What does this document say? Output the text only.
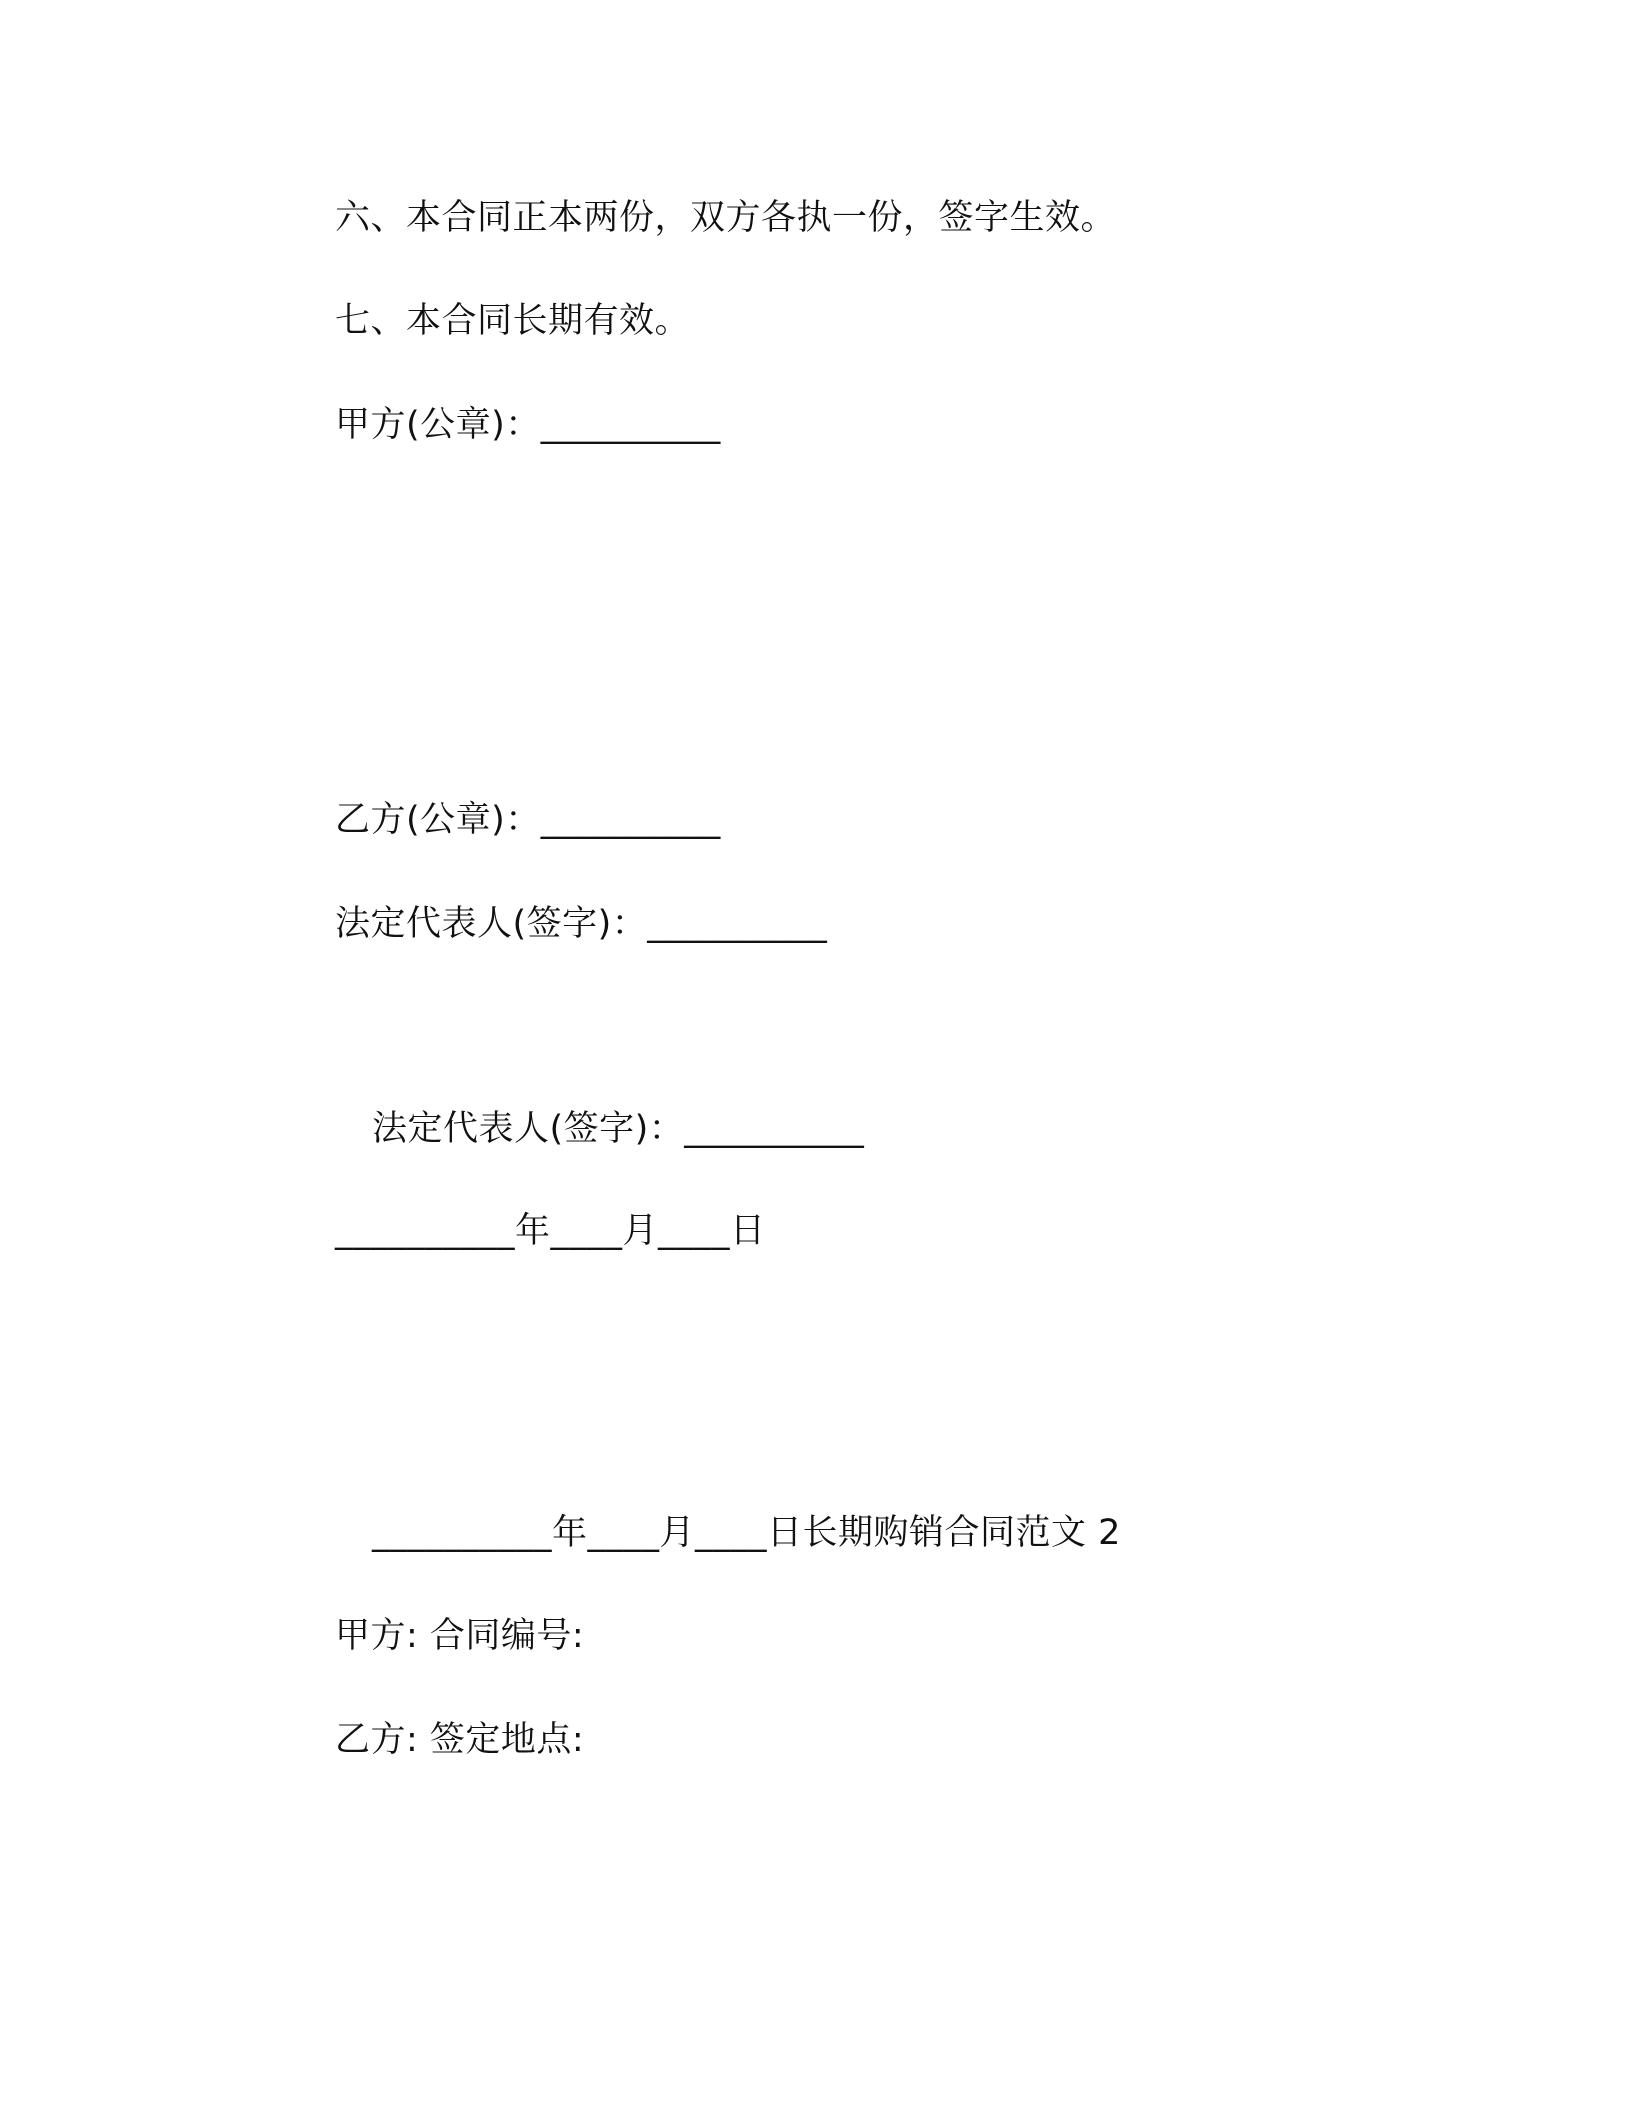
六、本合同正本两份，双方各执一份，签字生效。
七、本合同长期有效。
甲方(公章)：__________
乙方(公章)：__________
法定代表人(签字)：__________
法定代表人(签字)：__________
__________年____月____日
__________年____月____日长期购销合同范文 2
甲方: 合同编号:
乙方: 签定地点:
